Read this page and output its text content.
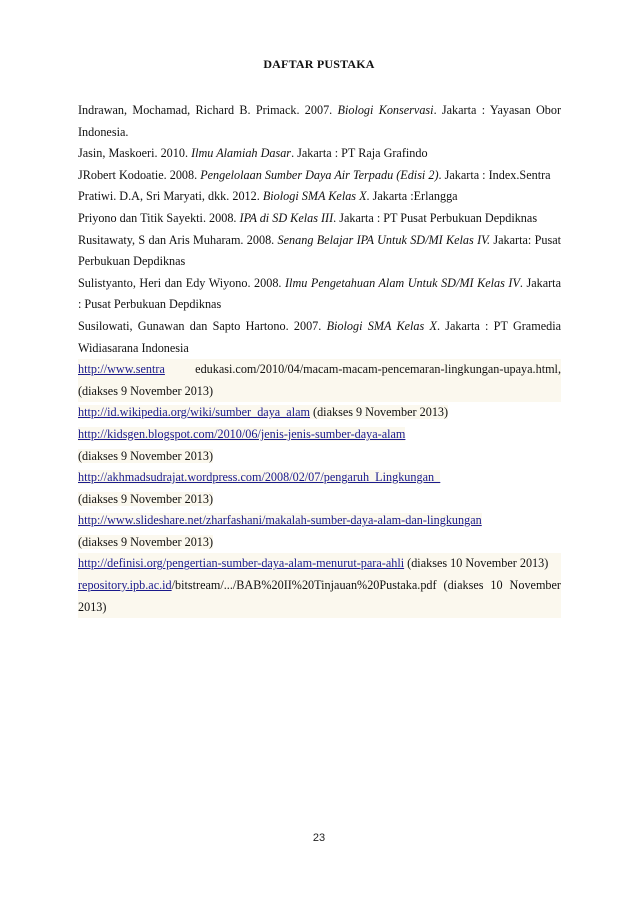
DAFTAR PUSTAKA
Indrawan, Mochamad, Richard B. Primack. 2007. Biologi Konservasi. Jakarta : Yayasan Obor Indonesia.
Jasin, Maskoeri. 2010. Ilmu Alamiah Dasar. Jakarta : PT Raja Grafindo
JRobert Kodoatie. 2008. Pengelolaan Sumber Daya Air Terpadu (Edisi 2). Jakarta : Index.Sentra
Pratiwi. D.A, Sri Maryati, dkk. 2012. Biologi SMA Kelas X. Jakarta :Erlangga
Priyono dan Titik Sayekti. 2008. IPA di SD Kelas III. Jakarta : PT Pusat Perbukuan Depdiknas
Rusitawaty, S dan Aris Muharam. 2008. Senang Belajar IPA Untuk SD/MI Kelas IV. Jakarta: Pusat Perbukuan Depdiknas
Sulistyanto, Heri dan Edy Wiyono. 2008. Ilmu Pengetahuan Alam Untuk SD/MI Kelas IV. Jakarta : Pusat Perbukuan Depdiknas
Susilowati, Gunawan dan Sapto Hartono. 2007. Biologi SMA Kelas X. Jakarta : PT Gramedia Widiasarana Indonesia
http://www.sentra edukasi.com/2010/04/macam-macam-pencemaran-lingkungan-upaya.html, (diakses 9 November 2013)
http://id.wikipedia.org/wiki/sumber_daya_alam (diakses 9 November 2013)
http://kidsgen.blogspot.com/2010/06/jenis-jenis-sumber-daya-alam
(diakses 9 November 2013)
http://akhmadsudrajat.wordpress.com/2008/02/07/pengaruh_Lingkungan_
(diakses 9 November 2013)
http://www.slideshare.net/zharfashani/makalah-sumber-daya-alam-dan-lingkungan
(diakses 9 November 2013)
http://definisi.org/pengertian-sumber-daya-alam-menurut-para-ahli (diakses 10 November 2013)
repository.ipb.ac.id/bitstream/.../BAB%20II%20Tinjauan%20Pustaka.pdf (diakses 10 November 2013)
23
